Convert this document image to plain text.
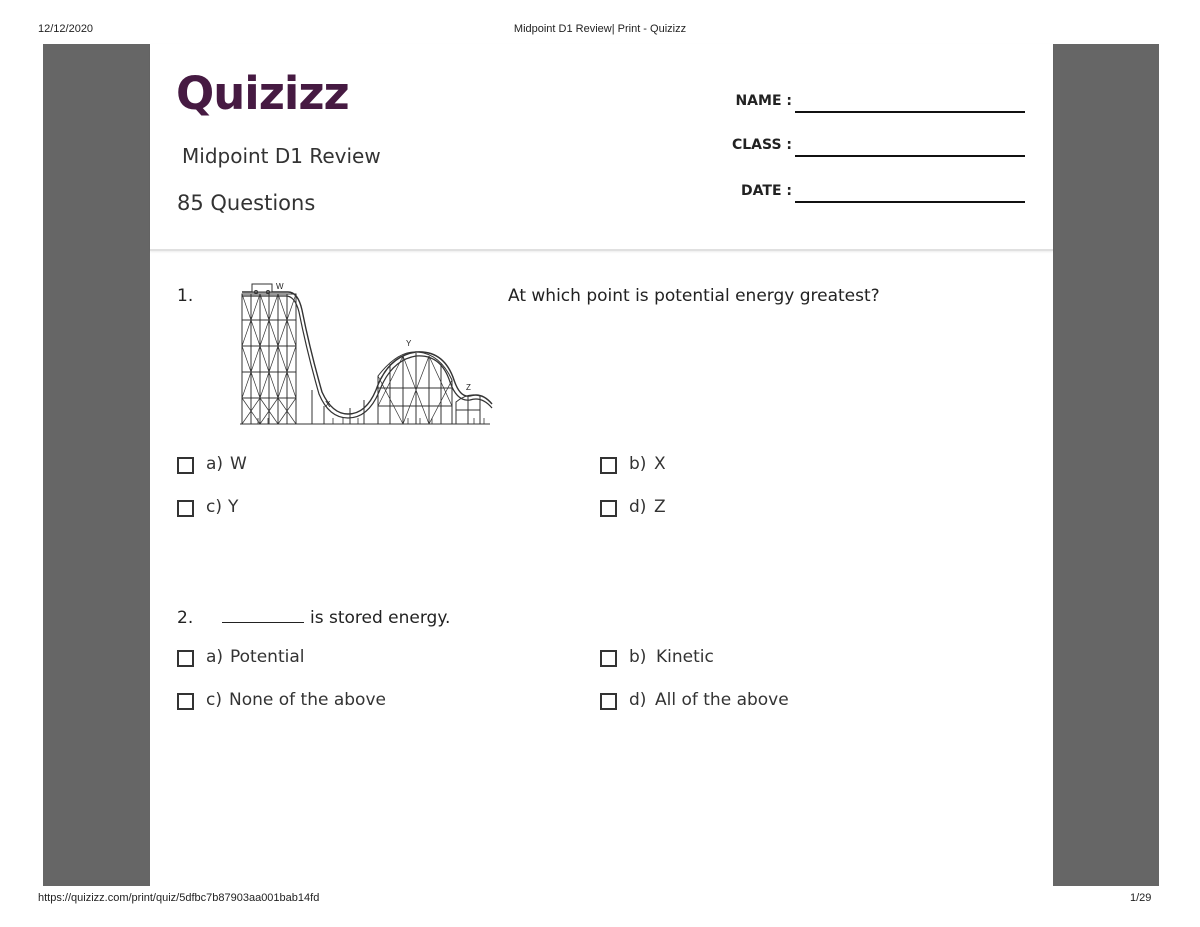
12/12/2020	Midpoint D1 Review| Print - Quizizz
https://quizizz.com/print/quiz/5dfbc7b87903aa001bab14fd	1/29
Quizizz
Midpoint D1 Review
85 Questions
NAME :
CLASS :
DATE :
1.	At which point is potential energy greatest?
W
X
Y
Z
a) W	b) X
c) Y	d) Z
2.	is stored energy.
a) Potential	b) Kinetic
c) None of the above	d) All of the above
